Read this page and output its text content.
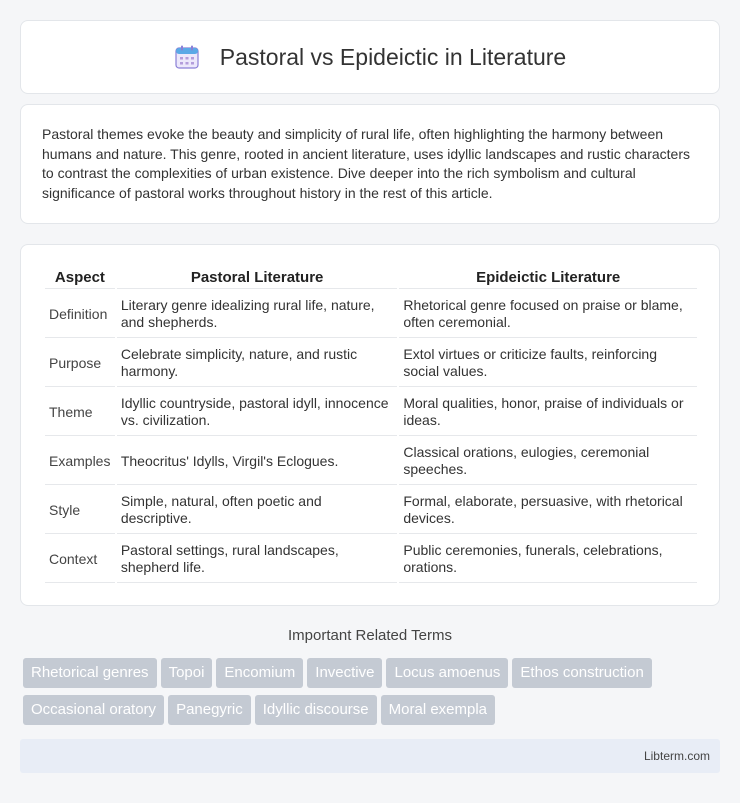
Pastoral vs Epideictic in Literature

Pastoral themes evoke the beauty and simplicity of rural life, often highlighting the harmony between humans and nature. This genre, rooted in ancient literature, uses idyllic landscapes and rustic characters to contrast the complexities of urban existence. Dive deeper into the rich symbolism and cultural significance of pastoral works throughout history in the rest of this article.

Aspect	Pastoral Literature	Epideictic Literature
Definition	Literary genre idealizing rural life, nature, and shepherds.	Rhetorical genre focused on praise or blame, often ceremonial.
Purpose	Celebrate simplicity, nature, and rustic harmony.	Extol virtues or criticize faults, reinforcing social values.
Theme	Idyllic countryside, pastoral idyll, innocence vs. civilization.	Moral qualities, honor, praise of individuals or ideas.
Examples	Theocritus' Idylls, Virgil's Eclogues.	Classical orations, eulogies, ceremonial speeches.
Style	Simple, natural, often poetic and descriptive.	Formal, elaborate, persuasive, with rhetorical devices.
Context	Pastoral settings, rural landscapes, shepherd life.	Public ceremonies, funerals, celebrations, orations.
Important Related Terms
Rhetorical genres Topoi Encomium Invective Locus amoenus Ethos construction
Occasional oratory Panegyric Idyllic discourse Moral exempla
Libterm.com
